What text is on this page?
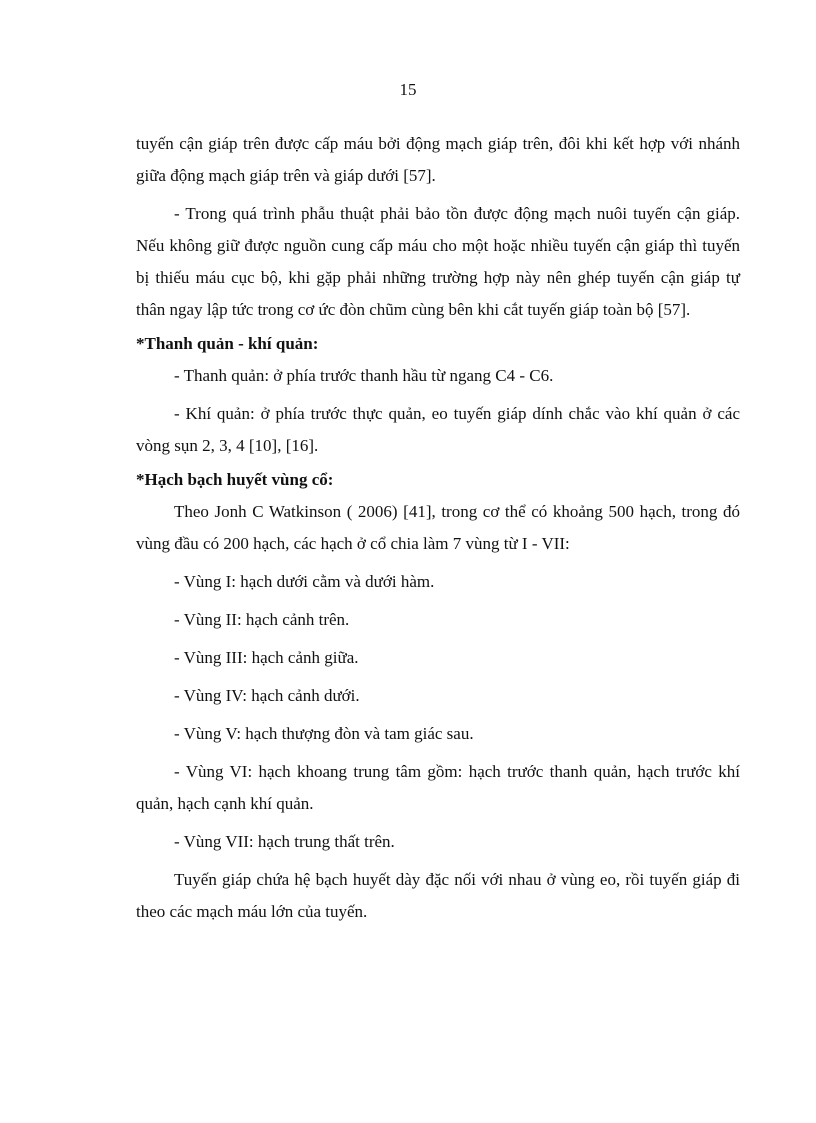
15

tuyến cận giáp trên được cấp máu bởi động mạch giáp trên, đôi khi kết hợp với nhánh giữa động mạch giáp trên và giáp dưới [57].

- Trong quá trình phẫu thuật phải bảo tồn được động mạch nuôi tuyến cận giáp. Nếu không giữ được nguồn cung cấp máu cho một hoặc nhiều tuyến cận giáp thì tuyến bị thiếu máu cục bộ, khi gặp phải những trường hợp này nên ghép tuyến cận giáp tự thân ngay lập tức trong cơ ức đòn chũm cùng bên khi cắt tuyến giáp toàn bộ [57].

*Thanh quản - khí quản:

- Thanh quản: ở phía trước thanh hầu từ ngang C4 - C6.

- Khí quản: ở phía trước thực quản, eo tuyến giáp dính chắc vào khí quản ở các vòng sụn 2, 3, 4 [10], [16].

*Hạch bạch huyết vùng cổ:

Theo Jonh C Watkinson ( 2006) [41], trong cơ thể có khoảng 500 hạch, trong đó vùng đầu có 200 hạch, các hạch ở cổ chia làm 7 vùng từ I - VII:

- Vùng I: hạch dưới cằm và dưới hàm.

- Vùng II: hạch cảnh trên.

- Vùng III: hạch cảnh giữa.

- Vùng IV: hạch cảnh dưới.

- Vùng V: hạch thượng đòn và tam giác sau.

- Vùng VI: hạch khoang trung tâm gồm: hạch trước thanh quản, hạch trước khí quản, hạch cạnh khí quản.

- Vùng VII: hạch trung thất trên.

Tuyến giáp chứa hệ bạch huyết dày đặc nối với nhau ở vùng eo, rồi tuyến giáp đi theo các mạch máu lớn của tuyến.
